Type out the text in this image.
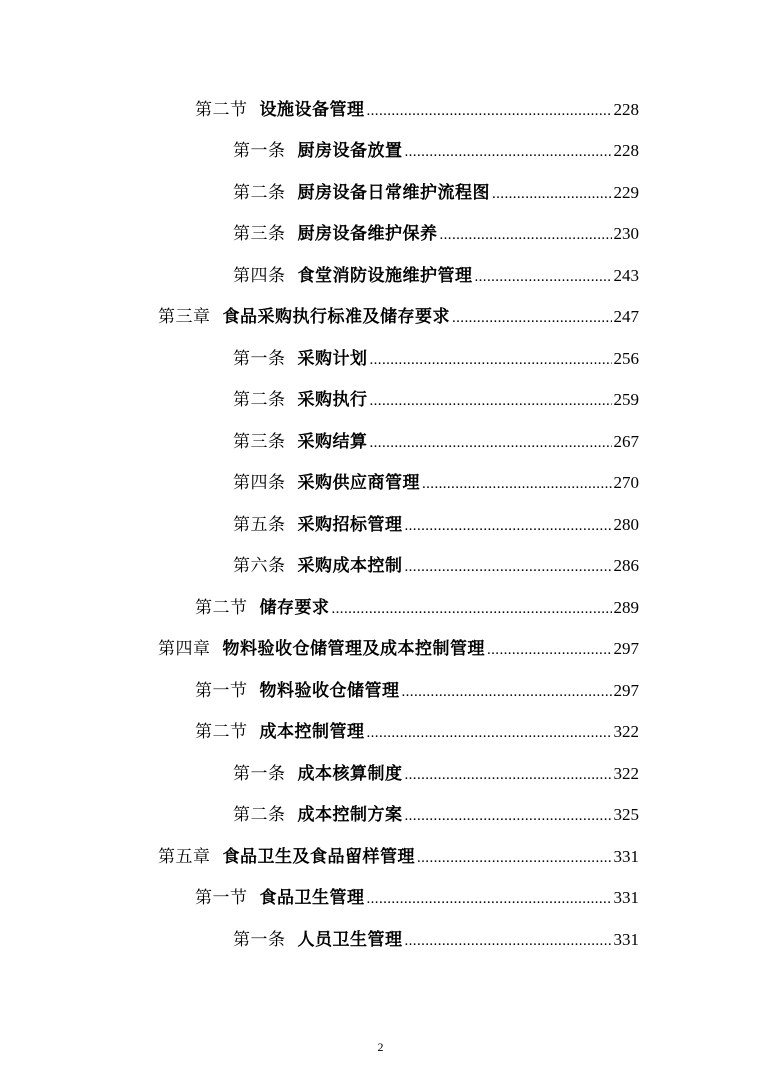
第二节 设施设备管理 .....	228
第一条 厨房设备放置 .....	228
第二条 厨房设备日常维护流程图 .....	229
第三条 厨房设备维护保养 .....	230
第四条 食堂消防设施维护管理 .....	243
第三章 食品采购执行标准及储存要求 .....	247
第一条 采购计划 .....	256
第二条 采购执行 .....	259
第三条 采购结算 .....	267
第四条 采购供应商管理 .....	270
第五条 采购招标管理 .....	280
第六条 采购成本控制 .....	286
第二节 储存要求 .....	289
第四章 物料验收仓储管理及成本控制管理 .....	297
第一节 物料验收仓储管理 .....	297
第二节 成本控制管理 .....	322
第一条 成本核算制度 .....	322
第二条 成本控制方案 .....	325
第五章 食品卫生及食品留样管理 .....	331
第一节 食品卫生管理 .....	331
第一条 人员卫生管理 .....	331
2
